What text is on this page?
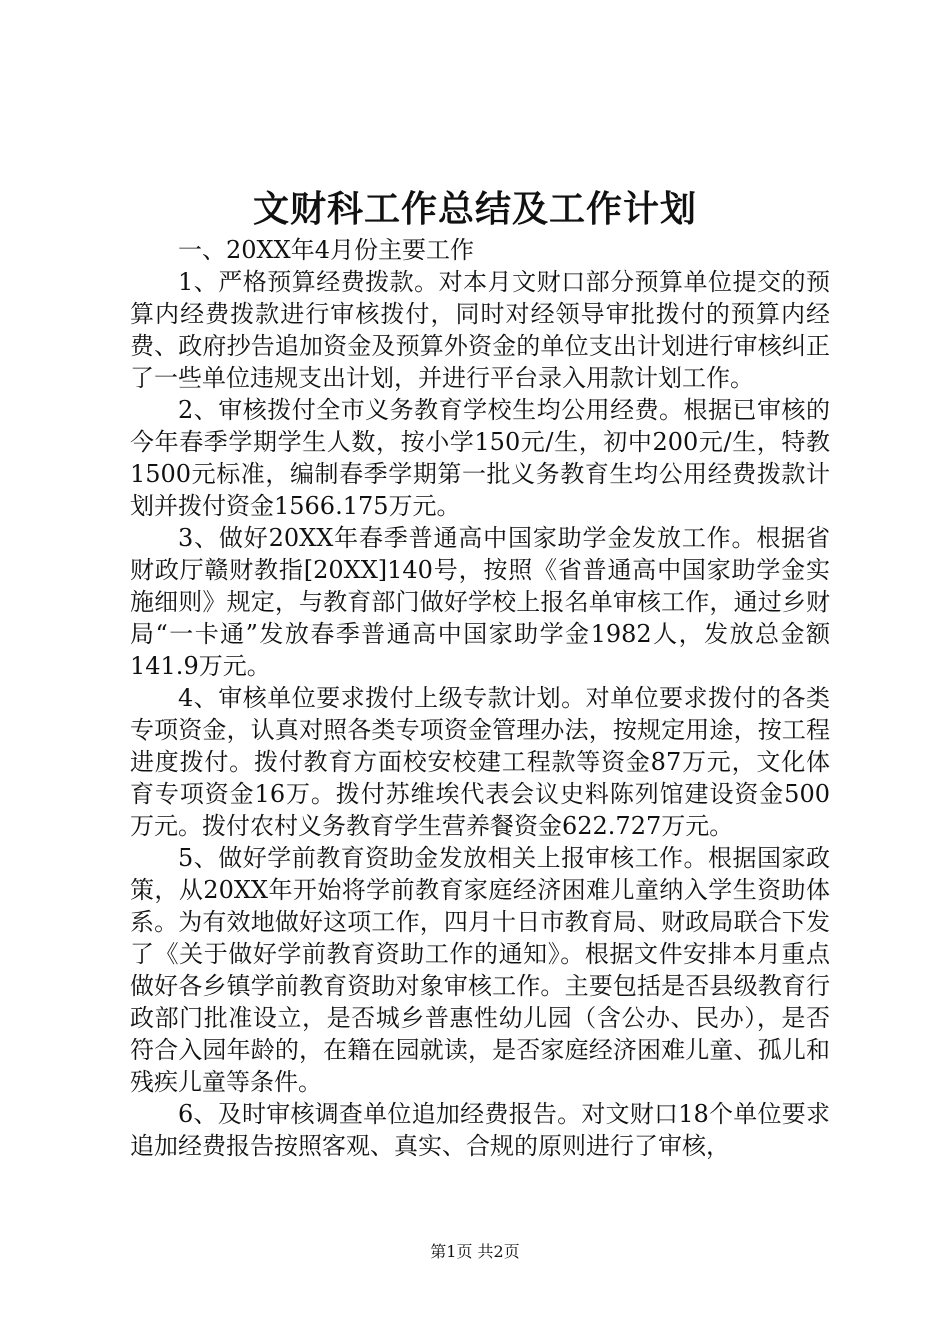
文财科工作总结及工作计划

一、20XX年4月份主要工作

1、严格预算经费拨款。对本月文财口部分预算单位提交的预算内经费拨款进行审核拨付，同时对经领导审批拨付的预算内经费、政府抄告追加资金及预算外资金的单位支出计划进行审核纠正了一些单位违规支出计划，并进行平台录入用款计划工作。

2、审核拨付全市义务教育学校生均公用经费。根据已审核的今年春季学期学生人数，按小学150元/生，初中200元/生，特教1500元标准，编制春季学期第一批义务教育生均公用经费拨款计划并拨付资金1566.175万元。

3、做好20XX年春季普通高中国家助学金发放工作。根据省财政厅赣财教指[20XX]140号，按照《省普通高中国家助学金实施细则》规定，与教育部门做好学校上报名单审核工作，通过乡财局“一卡通”发放春季普通高中国家助学金1982人，发放总金额141.9万元。

4、审核单位要求拨付上级专款计划。对单位要求拨付的各类专项资金，认真对照各类专项资金管理办法，按规定用途，按工程进度拨付。拨付教育方面校安校建工程款等资金87万元，文化体育专项资金16万。拨付苏维埃代表会议史料陈列馆建设资金500万元。拨付农村义务教育学生营养餐资金622.727万元。

5、做好学前教育资助金发放相关上报审核工作。根据国家政策，从20XX年开始将学前教育家庭经济困难儿童纳入学生资助体系。为有效地做好这项工作，四月十日市教育局、财政局联合下发了《关于做好学前教育资助工作的通知》。根据文件安排本月重点做好各乡镇学前教育资助对象审核工作。主要包括是否县级教育行政部门批准设立，是否城乡普惠性幼儿园（含公办、民办），是否符合入园年龄的，在籍在园就读，是否家庭经济困难儿童、孤儿和残疾儿童等条件。

6、及时审核调查单位追加经费报告。对文财口18个单位要求追加经费报告按照客观、真实、合规的原则进行了审核，

第1页 共2页
